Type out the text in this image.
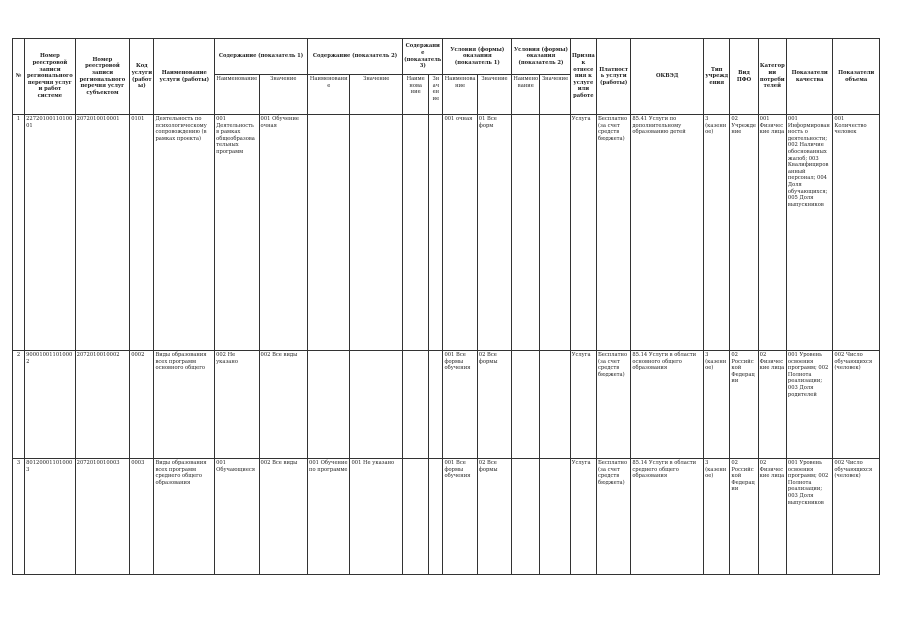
№	Номер реестровой записи регионального перечня услуг и работ системе	Номер реестровой записи регионального перечня услуг субъектом	Код услуги (работы)	Наименование услуги (работы)	Содержание (показатель 1)		Содержание (показатель 2)		Содержание (показатель 3)		Условия (формы) оказания (показатель 1)		Условия (формы) оказания (показатель 2)		Признак отнесения к услуге или работе	Платность услуги (работы)	ОКВЭД	Тип учреждения	Вид ПФО	Категории потребителей	Показатели качества	Показатели объема
					Наименование	Значение	Наименование	Значение	Наиме нова ние	Зн ач ен ие	Наименование	Значение	Наименование	Значение								
1	2272010011010001	2072010010001	0101	Деятельность по психологическому сопровождению (в рамках проекта)	001 Деятельность в рамках общеобразовательных программ	001 Обучение очная					001 очная	01 Все форм			Услуга	Бесплатно (за счет средств бюджета)	85.41 Услуги по дополнительному образованию детей	3 (казенное)	02 Учреждение	001 Физические лица	001 Информированность о деятельности; 002 Наличие обоснованных жалоб; 003 Квалифицированный персонал; 004 Доля обучающихся; 005 Доля выпускников	001 Количество человек
2	900010011010002	2072010010002	0002	Виды образования всех программ основного общего	002 Не указано	002 Все виды					001 Все формы обучения	02 Все формы			Услуга	Бесплатно (за счет средств бюджета)	85.14 Услуги в области основного общего образования	3 (казенное)	02 Российской Федерации	02 Физические лица	001 Уровень освоения программ; 002 Полнота реализации; 003 Доля родителей	002 Число обучающихся (человек)
3	801200011010003	2072010010003	0003	Виды образования всех программ среднего общего образования	001 Обучающиеся	002 Все виды	001 Обучение по программе	001 Не указано			001 Все формы обучения	02 Все формы			Услуга	Бесплатно (за счет средств бюджета)	85.14 Услуги в области среднего общего образования	3 (казенное)	02 Российской Федерации	02 Физические лица	001 Уровень освоения программ; 002 Полнота реализации; 003 Доля выпускников	002 Число обучающихся (человек)
